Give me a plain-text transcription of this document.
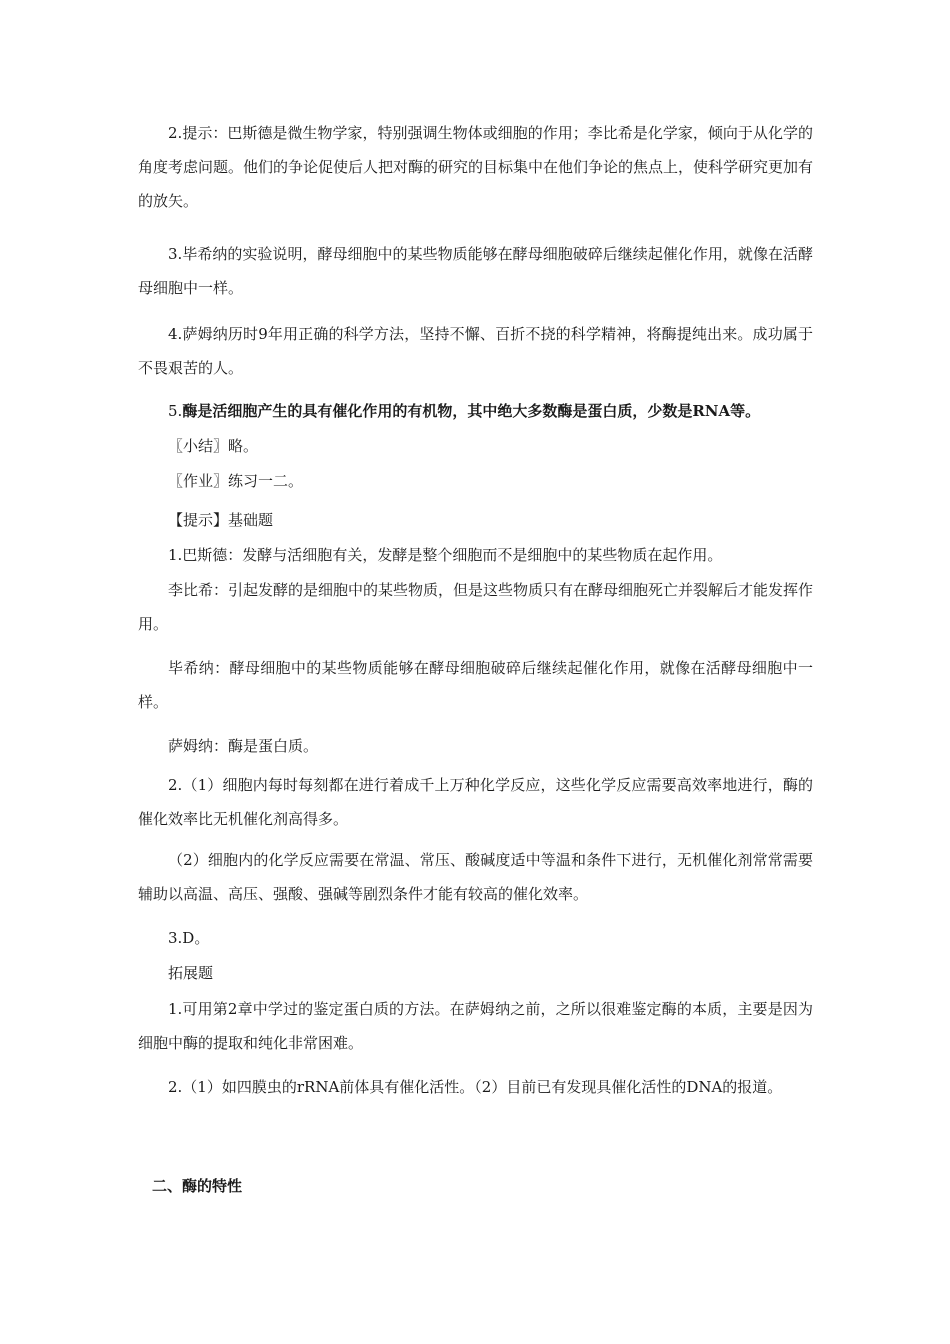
2.提示：巴斯德是微生物学家，特别强调生物体或细胞的作用；李比希是化学家，倾向于从化学的角度考虑问题。他们的争论促使后人把对酶的研究的目标集中在他们争论的焦点上，使科学研究更加有的放矢。

3.毕希纳的实验说明，酵母细胞中的某些物质能够在酵母细胞破碎后继续起催化作用，就像在活酵母细胞中一样。

4.萨姆纳历时9年用正确的科学方法，坚持不懈、百折不挠的科学精神，将酶提纯出来。成功属于不畏艰苦的人。

5.酶是活细胞产生的具有催化作用的有机物，其中绝大多数酶是蛋白质，少数是RNA等。

〖小结〗略。

〖作业〗练习一二。

【提示】基础题

1.巴斯德：发酵与活细胞有关，发酵是整个细胞而不是细胞中的某些物质在起作用。

李比希：引起发酵的是细胞中的某些物质，但是这些物质只有在酵母细胞死亡并裂解后才能发挥作用。

毕希纳：酵母细胞中的某些物质能够在酵母细胞破碎后继续起催化作用，就像在活酵母细胞中一样。

萨姆纳：酶是蛋白质。

2.（1）细胞内每时每刻都在进行着成千上万种化学反应，这些化学反应需要高效率地进行，酶的催化效率比无机催化剂高得多。

（2）细胞内的化学反应需要在常温、常压、酸碱度适中等温和条件下进行，无机催化剂常常需要辅助以高温、高压、强酸、强碱等剧烈条件才能有较高的催化效率。

3.D。

拓展题

1.可用第2章中学过的鉴定蛋白质的方法。在萨姆纳之前，之所以很难鉴定酶的本质，主要是因为细胞中酶的提取和纯化非常困难。

2.（1）如四膜虫的rRNA前体具有催化活性。（2）目前已有发现具催化活性的DNA的报道。

二、酶的特性
